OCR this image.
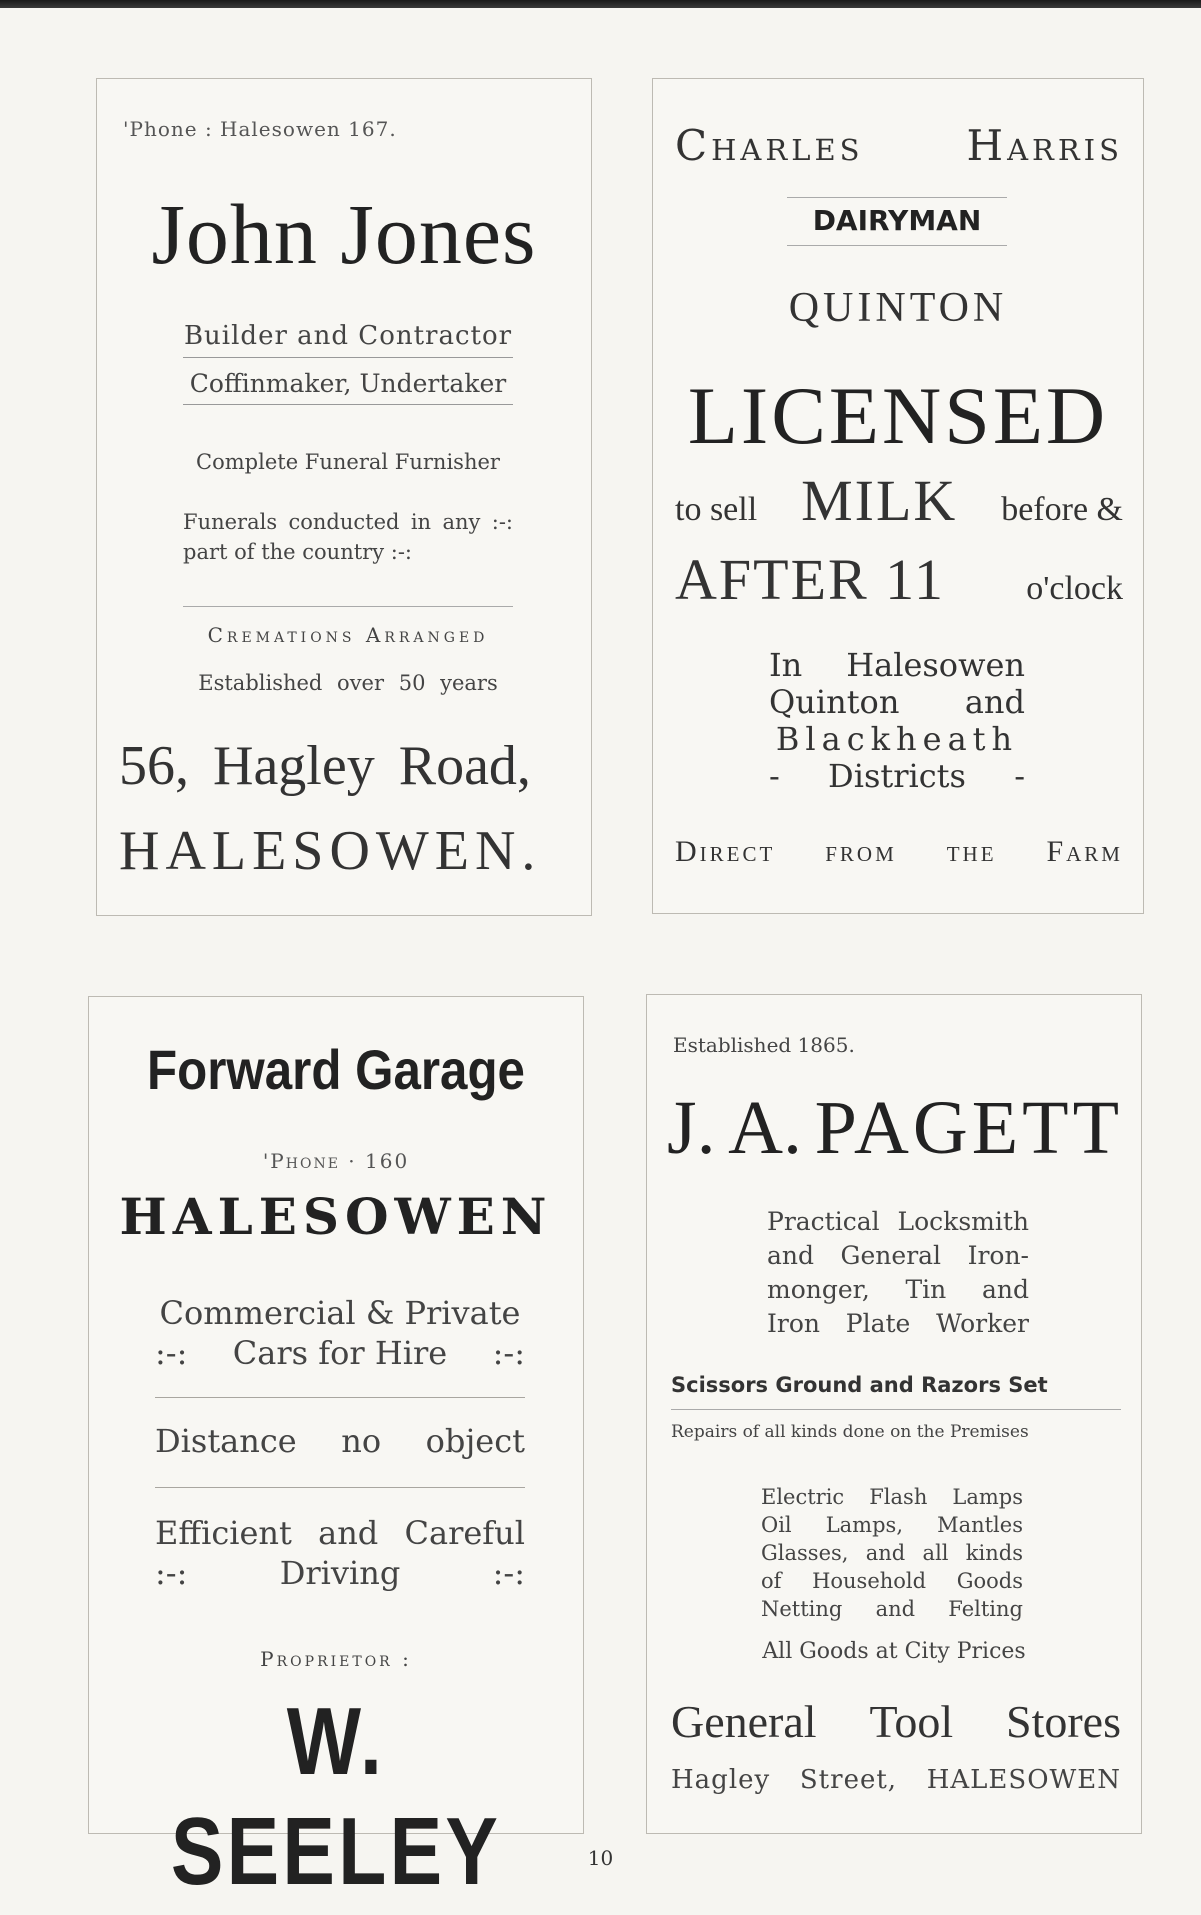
'Phone : Halesowen 167.
John Jones
Builder and Contractor
Coffinmaker, Undertaker
Complete Funeral Furnisher
Funerals conducted in any :-: part of the country :-:
Cremations Arranged
Established over 50 years
56, Hagley Road,
HALESOWEN.
Charles Harris
DAIRYMAN
QUINTON
LICENSED
to sell MILK before &
AFTER 11 o'clock
In Halesowen
Quinton and
Blackheath
- Districts -
Direct from the Farm
Forward Garage
'Phone · 160
HALESOWEN
Commercial & Private
:-: Cars for Hire :-:
Distance no object
Efficient and Careful
:-:	Driving	:-:
Proprietor :
W. SEELEY
Established 1865.
J. A. PAGETT
Practical Locksmith
and General Iron-
monger, Tin and
Iron Plate Worker
Scissors Ground and Razors Set
Repairs of all kinds done on the Premises
Electric Flash Lamps
Oil Lamps, Mantles
Glasses, and all kinds
of Household Goods
Netting and Felting
All Goods at City Prices
General Tool Stores
Hagley Street, HALESOWEN
10
